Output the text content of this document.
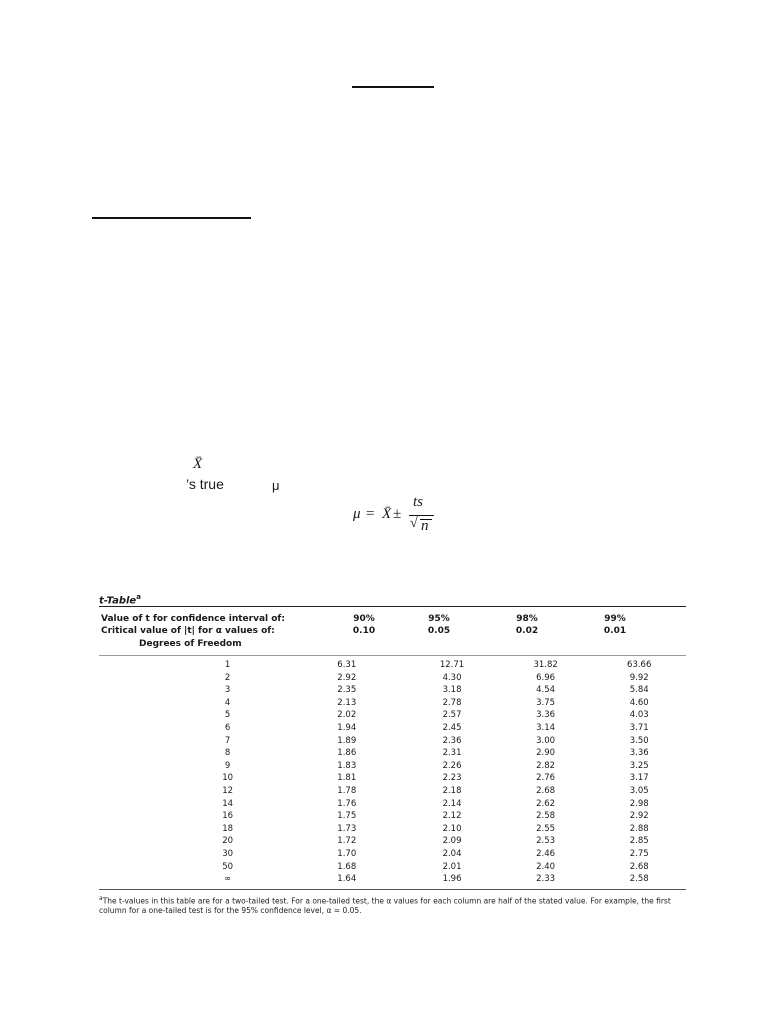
X̄
’s true	μ
μ = X̄ ±
ts
√ n
t-Table$^a$
Value of t for confidence interval of:	90%	95%	98%	99%
Critical value of |t| for α values of:	0.10	0.05	0.02	0.01
Degrees of Freedom
1	6.31	12.71	31.82	63.66
2	2.92	4.30	6.96	9.92
3	2.35	3.18	4.54	5.84
4	2.13	2.78	3.75	4.60
5	2.02	2.57	3.36	4.03
6	1.94	2.45	3.14	3.71
7	1.89	2.36	3.00	3.50
8	1.86	2.31	2.90	3.36
9	1.83	2.26	2.82	3.25
10	1.81	2.23	2.76	3.17
12	1.78	2.18	2.68	3.05
14	1.76	2.14	2.62	2.98
16	1.75	2.12	2.58	2.92
18	1.73	2.10	2.55	2.88
20	1.72	2.09	2.53	2.85
30	1.70	2.04	2.46	2.75
50	1.68	2.01	2.40	2.68
∞	1.64	1.96	2.33	2.58
$^a$The t-values in this table are for a two-tailed test. For a one-tailed test, the α values for each column are half of the stated value. For example, the first column for a one-tailed test is for the 95% confidence level, α = 0.05.
